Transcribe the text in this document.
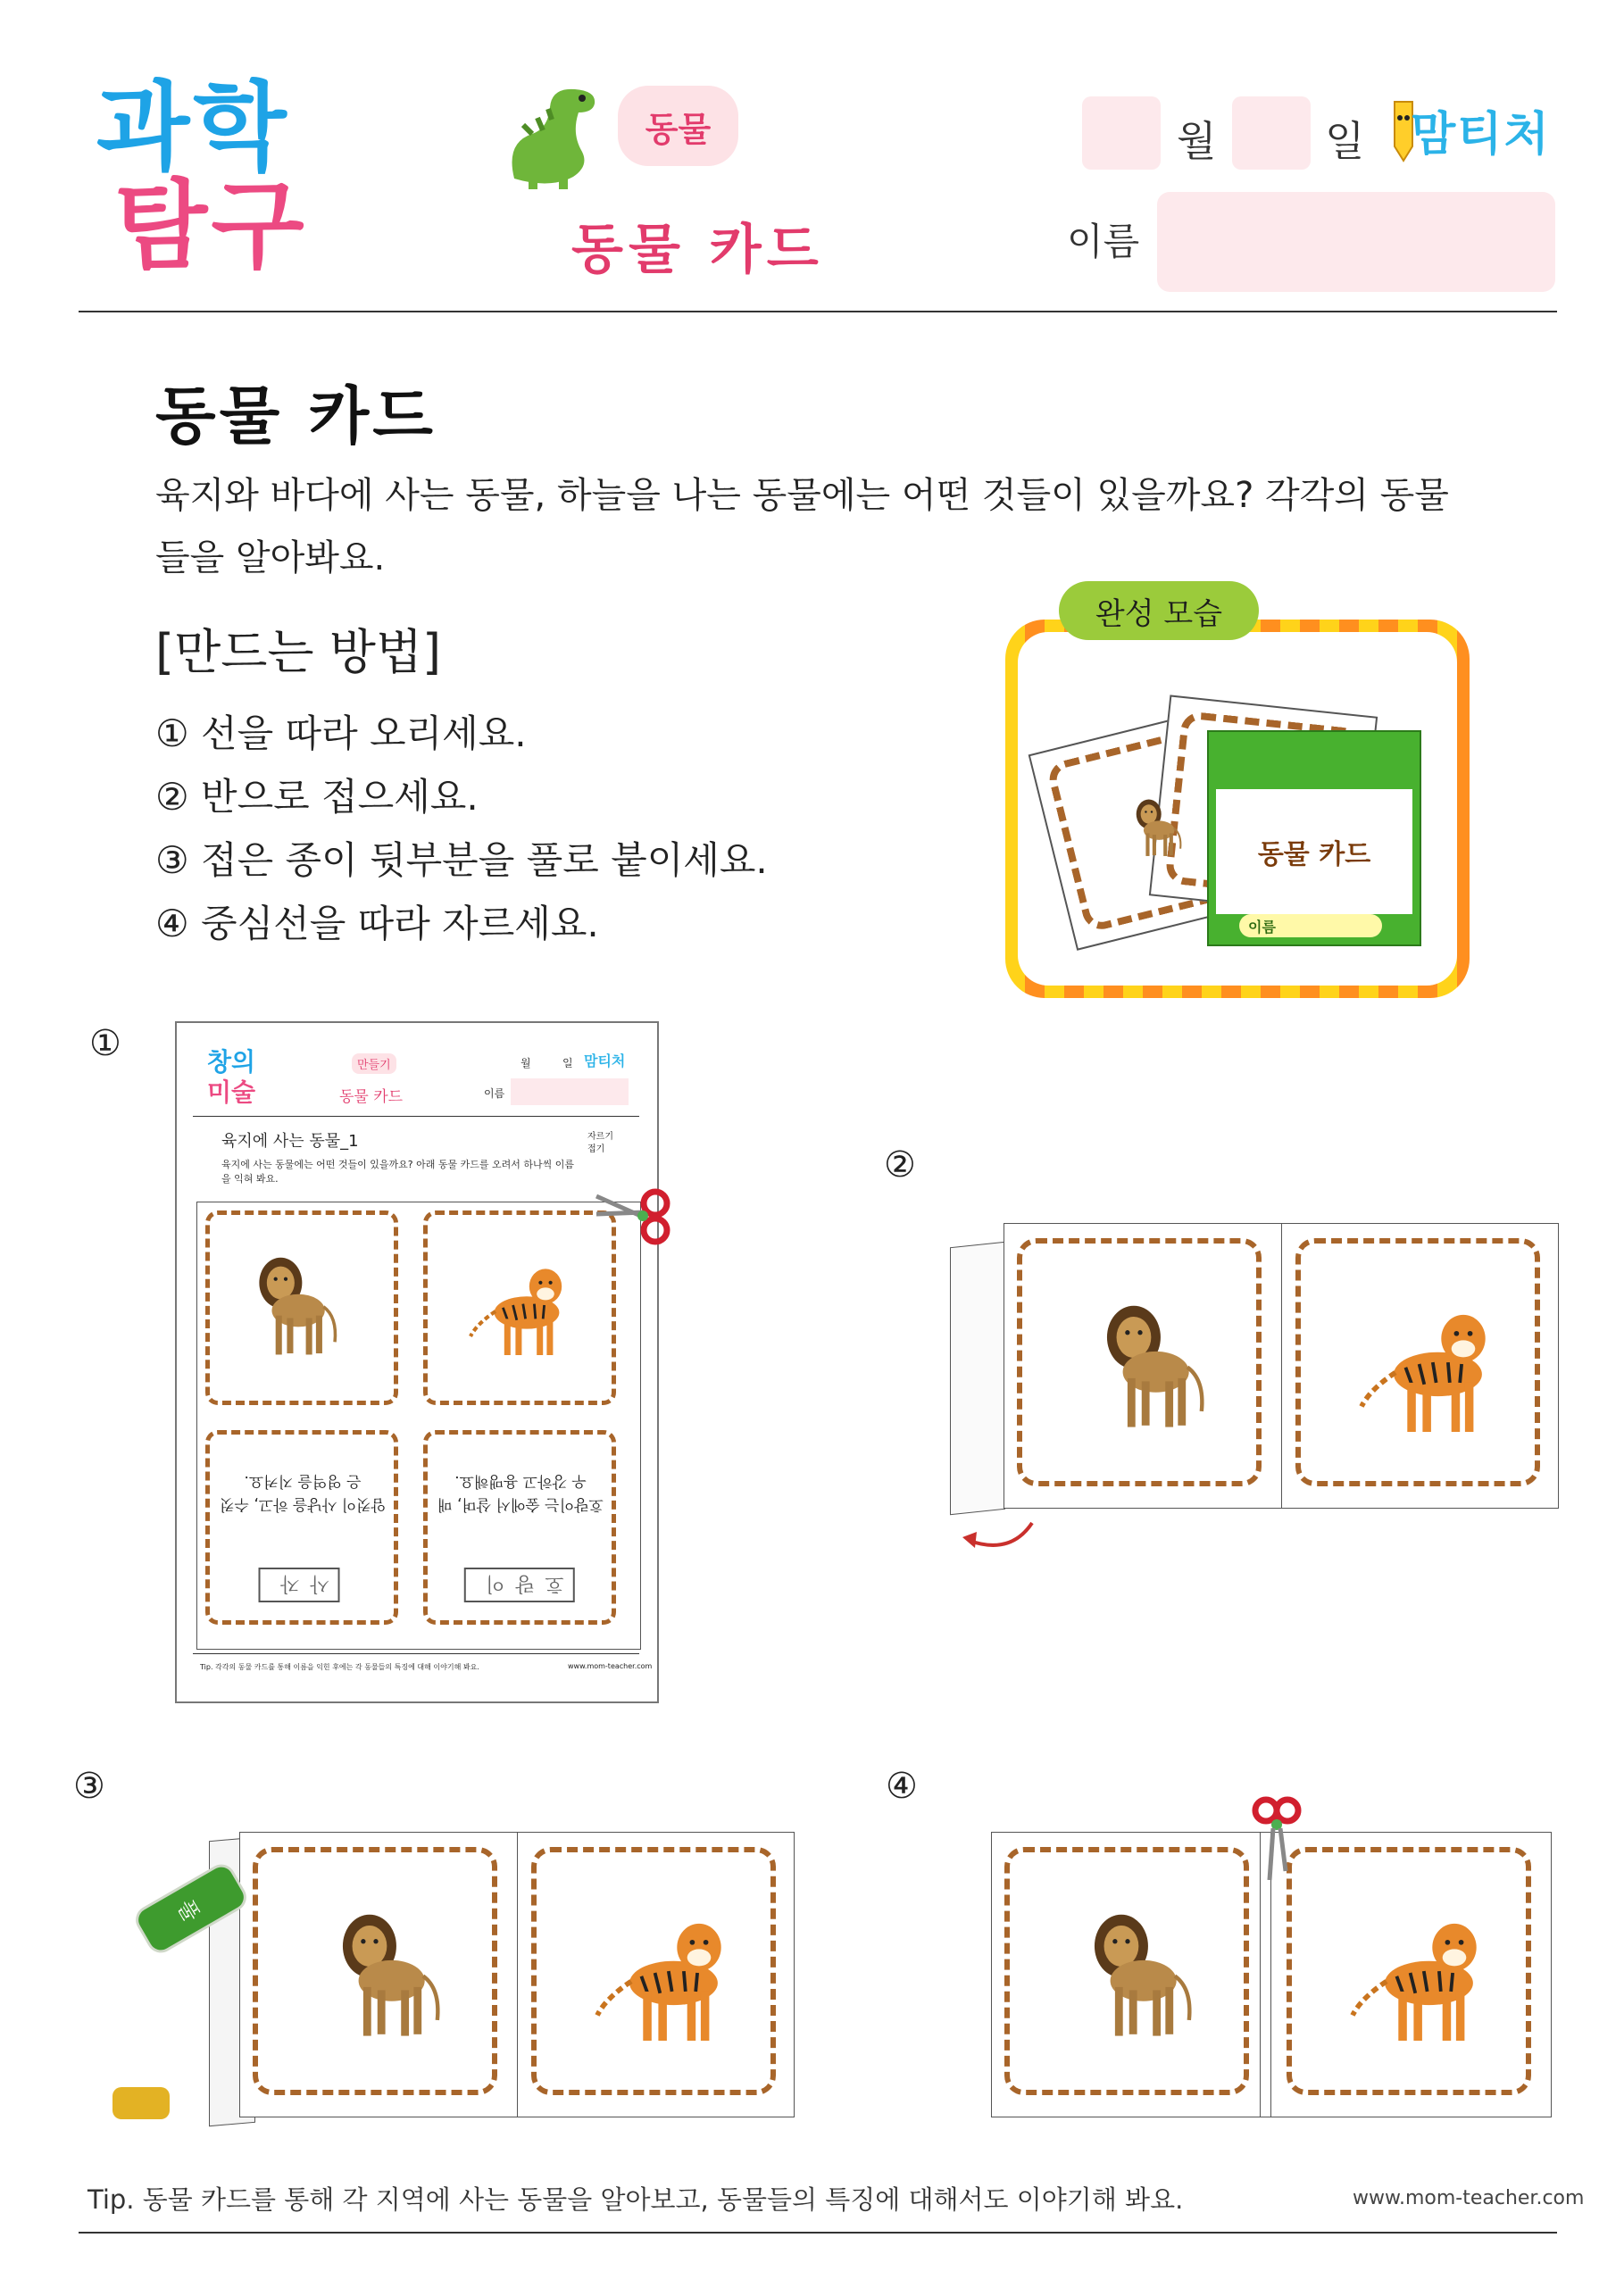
과학
탐구
동물
동물 카드
월	일 맘티처
이름
동물 카드
육지와 바다에 사는 동물, 하늘을 나는 동물에는 어떤 것들이 있을까요? 각각의 동물들을 알아봐요.
[만드는 방법]
① 선을 따라 오리세요.
② 반으로 접으세요.
③ 접은 종이 뒷부분을 풀로 붙이세요.
④ 중심선을 따라 자르세요.
완성 모습
동물 카드
이름
①	창의
미술
만들기
동물 카드
월	일 맘티처
이름
육지에 사는 동물_1	자르기
접기
육지에 사는 동물에는 어떤 것들이 있을까요? 아래 동물 카드를 오려서 하나씩 이름
을 익혀 봐요.
암컷이 사냥을 하고, 수컷은 영역을 지켜요.
사자
호랑이는 숲에서 살며, 매우 강하고 용맹해요.
호랑이
Tip. 각각의 동물 카드를 통해 이름을 익힌 후에는 각 동물들의 특징에 대해 이야기해 봐요.	www.mom-teacher.com
②
③
풀
④
Tip. 동물 카드를 통해 각 지역에 사는 동물을 알아보고, 동물들의 특징에 대해서도 이야기해 봐요.	www.mom-teacher.com
